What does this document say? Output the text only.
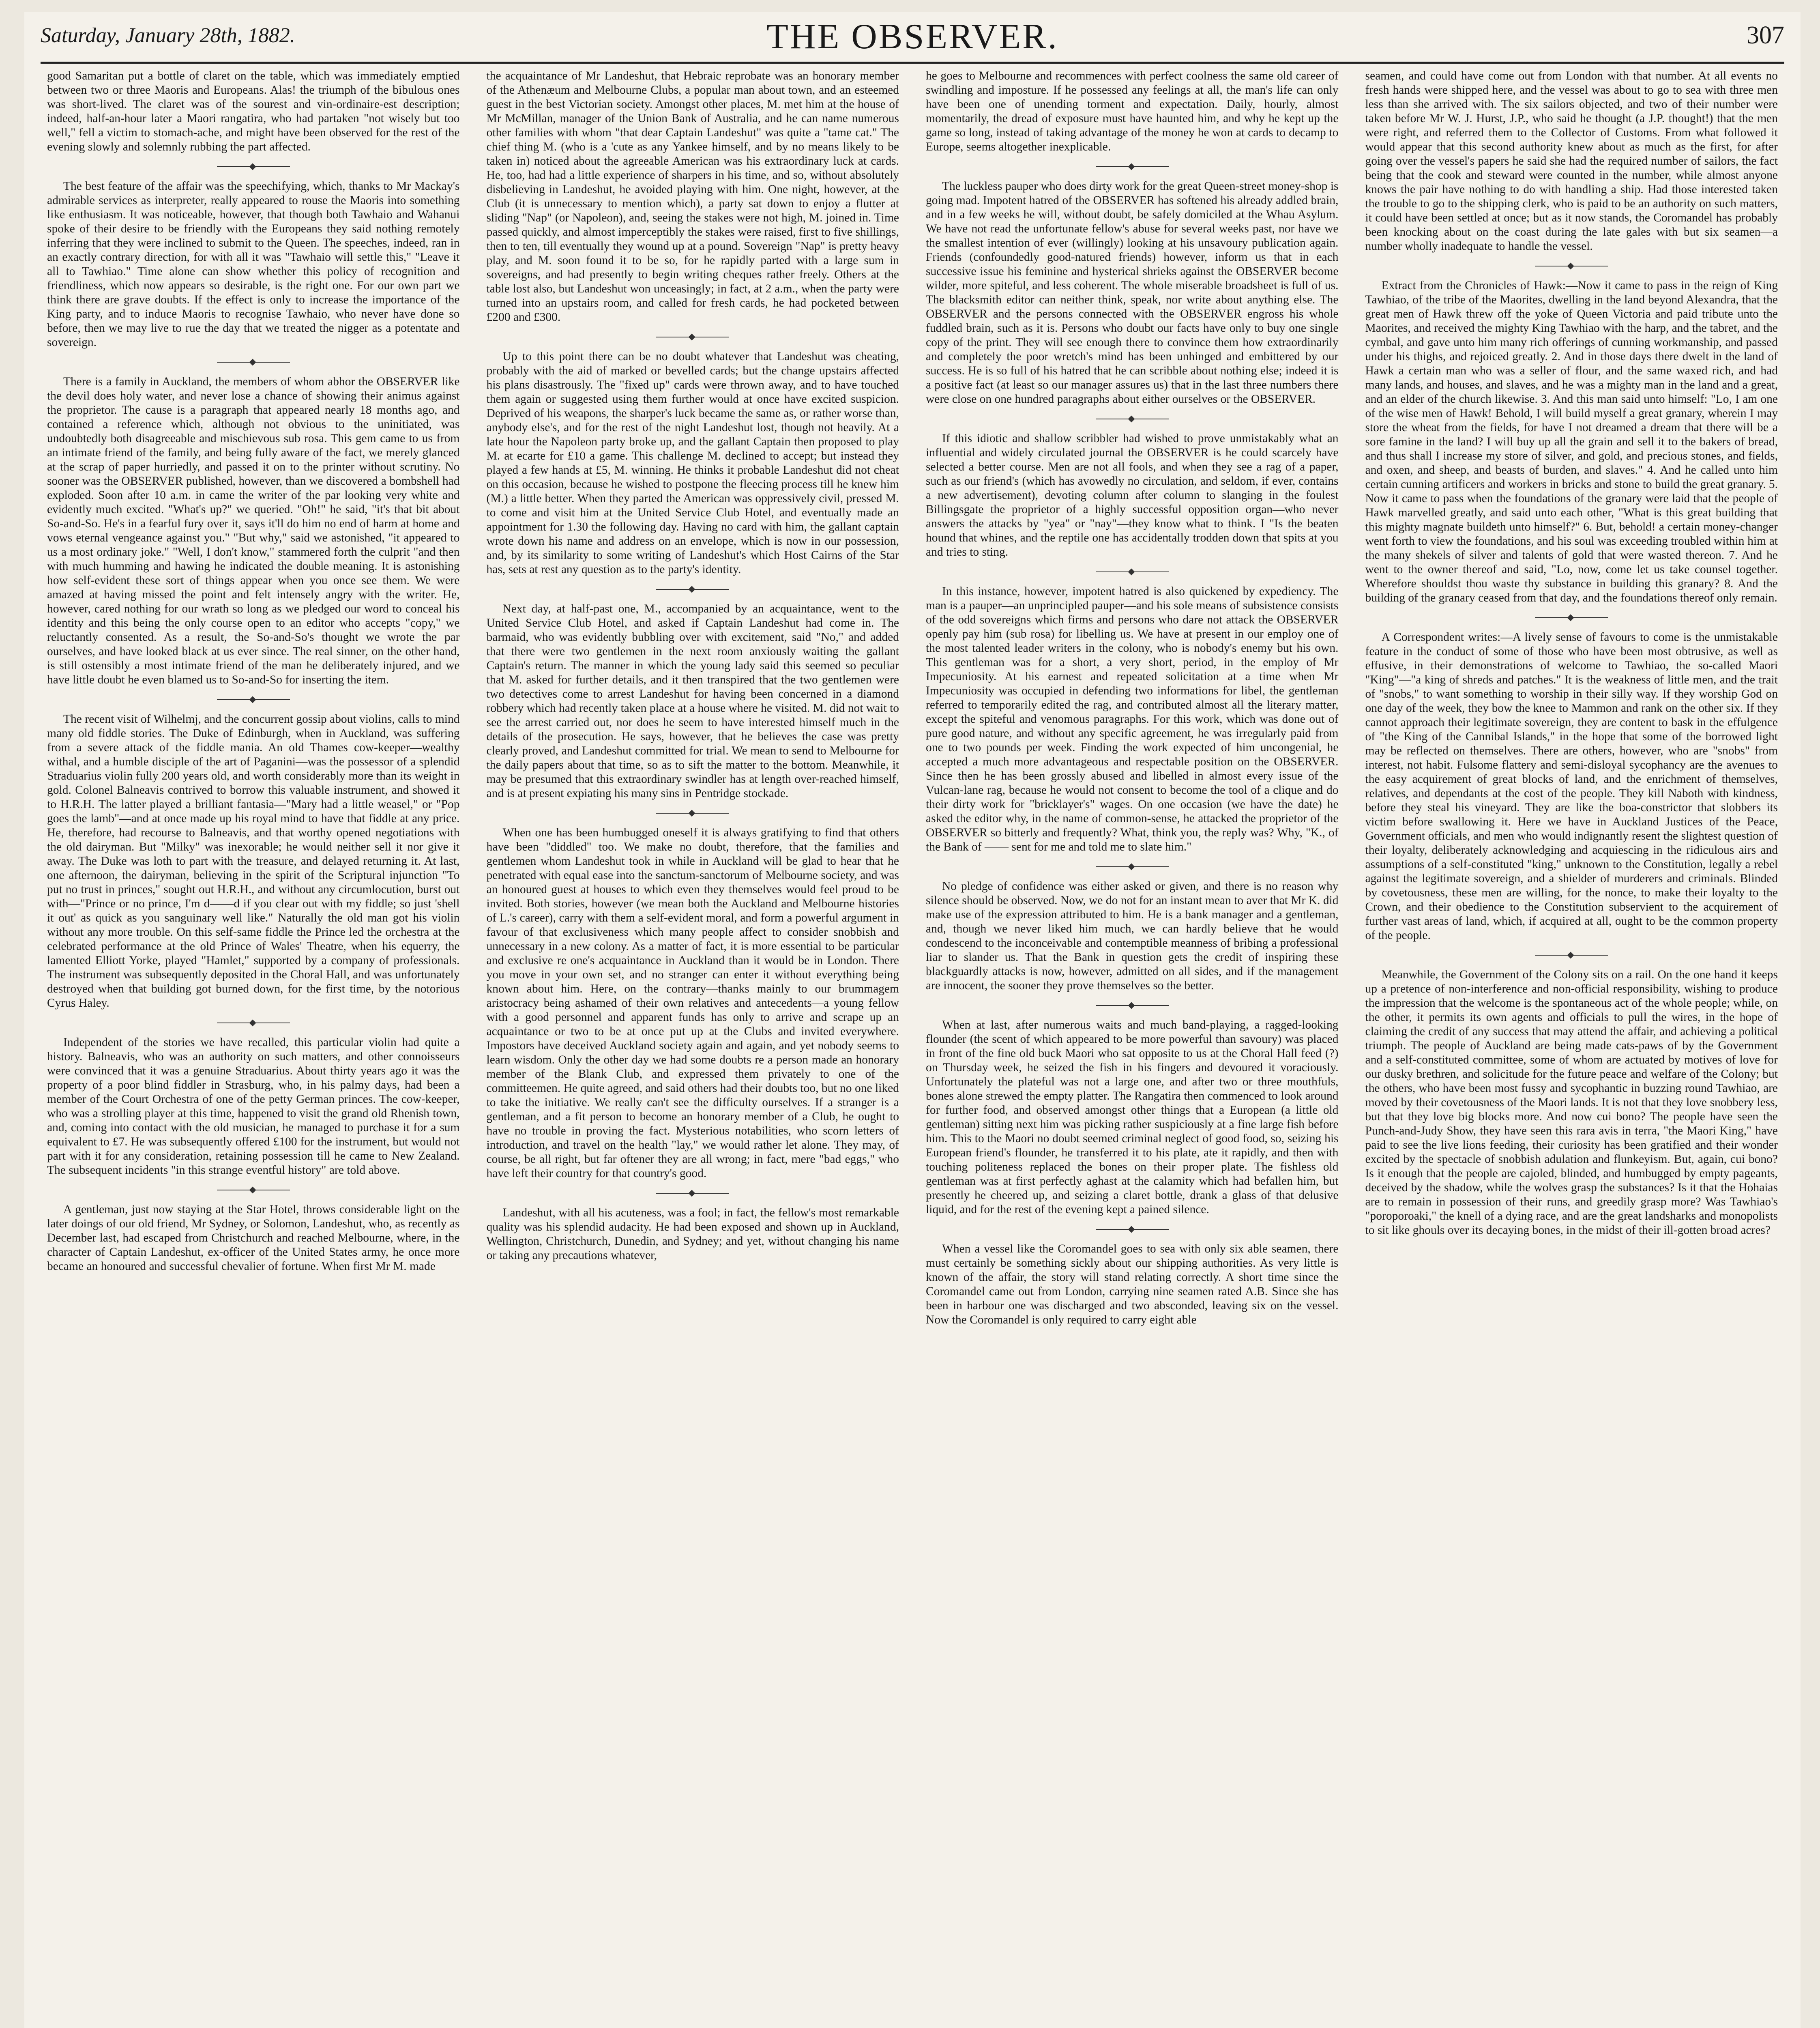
Saturday, January 28th, 1882.	THE OBSERVER.	307

good Samaritan put a bottle of claret on the table, which was immediately emptied between two or three Maoris and Europeans. Alas! the triumph of the bibulous ones was short-lived. The claret was of the sourest and vin-ordinaire-est description; indeed, half-an-hour later a Maori rangatira, who had partaken "not wisely but too well," fell a victim to stomach-ache, and might have been observed for the rest of the evening slowly and solemnly rubbing the part affected.

The best feature of the affair was the speechifying, which, thanks to Mr Mackay's admirable services as interpreter, really appeared to rouse the Maoris into something like enthusiasm. It was noticeable, however, that though both Tawhaio and Wahanui spoke of their desire to be friendly with the Europeans they said nothing remotely inferring that they were inclined to submit to the Queen. The speeches, indeed, ran in an exactly contrary direction, for with all it was "Tawhaio will settle this," "Leave it all to Tawhiao." Time alone can show whether this policy of recognition and friendliness, which now appears so desirable, is the right one. For our own part we think there are grave doubts. If the effect is only to increase the importance of the King party, and to induce Maoris to recognise Tawhaio, who never have done so before, then we may live to rue the day that we treated the nigger as a potentate and sovereign.

There is a family in Auckland, the members of whom abhor the OBSERVER like the devil does holy water, and never lose a chance of showing their animus against the proprietor. The cause is a paragraph that appeared nearly 18 months ago, and contained a reference which, although not obvious to the uninitiated, was undoubtedly both disagreeable and mischievous sub rosa. This gem came to us from an intimate friend of the family, and being fully aware of the fact, we merely glanced at the scrap of paper hurriedly, and passed it on to the printer without scrutiny. No sooner was the OBSERVER published, however, than we discovered a bombshell had exploded. Soon after 10 a.m. in came the writer of the par looking very white and evidently much excited. "What's up?" we queried. "Oh!" he said, "it's that bit about So-and-So. He's in a fearful fury over it, says it'll do him no end of harm at home and vows eternal vengeance against you." "But why," said we astonished, "it appeared to us a most ordinary joke." "Well, I don't know," stammered forth the culprit "and then with much humming and hawing he indicated the double meaning. It is astonishing how self-evident these sort of things appear when you once see them. We were amazed at having missed the point and felt intensely angry with the writer. He, however, cared nothing for our wrath so long as we pledged our word to conceal his identity and this being the only course open to an editor who accepts "copy," we reluctantly consented. As a result, the So-and-So's thought we wrote the par ourselves, and have looked black at us ever since. The real sinner, on the other hand, is still ostensibly a most intimate friend of the man he deliberately injured, and we have little doubt he even blamed us to So-and-So for inserting the item.

The recent visit of Wilhelmj, and the concurrent gossip about violins, calls to mind many old fiddle stories. The Duke of Edinburgh, when in Auckland, was suffering from a severe attack of the fiddle mania. An old Thames cow-keeper—wealthy withal, and a humble disciple of the art of Paganini—was the possessor of a splendid Straduarius violin fully 200 years old, and worth considerably more than its weight in gold. Colonel Balneavis contrived to borrow this valuable instrument, and showed it to H.R.H. The latter played a brilliant fantasia—"Mary had a little weasel," or "Pop goes the lamb"—and at once made up his royal mind to have that fiddle at any price. He, therefore, had recourse to Balneavis, and that worthy opened negotiations with the old dairyman. But "Milky" was inexorable; he would neither sell it nor give it away. The Duke was loth to part with the treasure, and delayed returning it. At last, one afternoon, the dairyman, believing in the spirit of the Scriptural injunction "To put no trust in princes," sought out H.R.H., and without any circumlocution, burst out with—"Prince or no prince, I'm d——d if you clear out with my fiddle; so just 'shell it out' as quick as you sanguinary well like." Naturally the old man got his violin without any more trouble. On this self-same fiddle the Prince led the orchestra at the celebrated performance at the old Prince of Wales' Theatre, when his equerry, the lamented Elliott Yorke, played "Hamlet," supported by a company of professionals. The instrument was subsequently deposited in the Choral Hall, and was unfortunately destroyed when that building got burned down, for the first time, by the notorious Cyrus Haley.

Independent of the stories we have recalled, this particular violin had quite a history. Balneavis, who was an authority on such matters, and other connoisseurs were convinced that it was a genuine Straduarius. About thirty years ago it was the property of a poor blind fiddler in Strasburg, who, in his palmy days, had been a member of the Court Orchestra of one of the petty German princes. The cow-keeper, who was a strolling player at this time, happened to visit the grand old Rhenish town, and, coming into contact with the old musician, he managed to purchase it for a sum equivalent to £7. He was subsequently offered £100 for the instrument, but would not part with it for any consideration, retaining possession till he came to New Zealand. The subsequent incidents "in this strange eventful history" are told above.

A gentleman, just now staying at the Star Hotel, throws considerable light on the later doings of our old friend, Mr Sydney, or Solomon, Landeshut, who, as recently as December last, had escaped from Christchurch and reached Melbourne, where, in the character of Captain Landeshut, ex-officer of the United States army, he once more became an honoured and successful chevalier of fortune. When first Mr M. made

the acquaintance of Mr Landeshut, that Hebraic reprobate was an honorary member of the Athenæum and Melbourne Clubs, a popular man about town, and an esteemed guest in the best Victorian society. Amongst other places, M. met him at the house of Mr McMillan, manager of the Union Bank of Australia, and he can name numerous other families with whom "that dear Captain Landeshut" was quite a "tame cat." The chief thing M. (who is a 'cute as any Yankee himself, and by no means likely to be taken in) noticed about the agreeable American was his extraordinary luck at cards. He, too, had had a little experience of sharpers in his time, and so, without absolutely disbelieving in Landeshut, he avoided playing with him. One night, however, at the Club (it is unnecessary to mention which), a party sat down to enjoy a flutter at sliding "Nap" (or Napoleon), and, seeing the stakes were not high, M. joined in. Time passed quickly, and almost imperceptibly the stakes were raised, first to five shillings, then to ten, till eventually they wound up at a pound. Sovereign "Nap" is pretty heavy play, and M. soon found it to be so, for he rapidly parted with a large sum in sovereigns, and had presently to begin writing cheques rather freely. Others at the table lost also, but Landeshut won unceasingly; in fact, at 2 a.m., when the party were turned into an upstairs room, and called for fresh cards, he had pocketed between £200 and £300.

Up to this point there can be no doubt whatever that Landeshut was cheating, probably with the aid of marked or bevelled cards; but the change upstairs affected his plans disastrously. The "fixed up" cards were thrown away, and to have touched them again or suggested using them further would at once have excited suspicion. Deprived of his weapons, the sharper's luck became the same as, or rather worse than, anybody else's, and for the rest of the night Landeshut lost, though not heavily. At a late hour the Napoleon party broke up, and the gallant Captain then proposed to play M. at ecarte for £10 a game. This challenge M. declined to accept; but instead they played a few hands at £5, M. winning. He thinks it probable Landeshut did not cheat on this occasion, because he wished to postpone the fleecing process till he knew him (M.) a little better. When they parted the American was oppressively civil, pressed M. to come and visit him at the United Service Club Hotel, and eventually made an appointment for 1.30 the following day. Having no card with him, the gallant captain wrote down his name and address on an envelope, which is now in our possession, and, by its similarity to some writing of Landeshut's which Host Cairns of the Star has, sets at rest any question as to the party's identity.

Next day, at half-past one, M., accompanied by an acquaintance, went to the United Service Club Hotel, and asked if Captain Landeshut had come in. The barmaid, who was evidently bubbling over with excitement, said "No," and added that there were two gentlemen in the next room anxiously waiting the gallant Captain's return. The manner in which the young lady said this seemed so peculiar that M. asked for further details, and it then transpired that the two gentlemen were two detectives come to arrest Landeshut for having been concerned in a diamond robbery which had recently taken place at a house where he visited. M. did not wait to see the arrest carried out, nor does he seem to have interested himself much in the details of the prosecution. He says, however, that he believes the case was pretty clearly proved, and Landeshut committed for trial. We mean to send to Melbourne for the daily papers about that time, so as to sift the matter to the bottom. Meanwhile, it may be presumed that this extraordinary swindler has at length over-reached himself, and is at present expiating his many sins in Pentridge stockade.

When one has been humbugged oneself it is always gratifying to find that others have been "diddled" too. We make no doubt, therefore, that the families and gentlemen whom Landeshut took in while in Auckland will be glad to hear that he penetrated with equal ease into the sanctum-sanctorum of Melbourne society, and was an honoured guest at houses to which even they themselves would feel proud to be invited. Both stories, however (we mean both the Auckland and Melbourne histories of L.'s career), carry with them a self-evident moral, and form a powerful argument in favour of that exclusiveness which many people affect to consider snobbish and unnecessary in a new colony. As a matter of fact, it is more essential to be particular and exclusive re one's acquaintance in Auckland than it would be in London. There you move in your own set, and no stranger can enter it without everything being known about him. Here, on the contrary—thanks mainly to our brummagem aristocracy being ashamed of their own relatives and antecedents—a young fellow with a good personnel and apparent funds has only to arrive and scrape up an acquaintance or two to be at once put up at the Clubs and invited everywhere. Impostors have deceived Auckland society again and again, and yet nobody seems to learn wisdom. Only the other day we had some doubts re a person made an honorary member of the Blank Club, and expressed them privately to one of the committeemen. He quite agreed, and said others had their doubts too, but no one liked to take the initiative. We really can't see the difficulty ourselves. If a stranger is a gentleman, and a fit person to become an honorary member of a Club, he ought to have no trouble in proving the fact. Mysterious notabilities, who scorn letters of introduction, and travel on the health "lay," we would rather let alone. They may, of course, be all right, but far oftener they are all wrong; in fact, mere "bad eggs," who have left their country for that country's good.

Landeshut, with all his acuteness, was a fool; in fact, the fellow's most remarkable quality was his splendid audacity. He had been exposed and shown up in Auckland, Wellington, Christchurch, Dunedin, and Sydney; and yet, without changing his name or taking any precautions whatever,

he goes to Melbourne and recommences with perfect coolness the same old career of swindling and imposture. If he possessed any feelings at all, the man's life can only have been one of unending torment and expectation. Daily, hourly, almost momentarily, the dread of exposure must have haunted him, and why he kept up the game so long, instead of taking advantage of the money he won at cards to decamp to Europe, seems altogether inexplicable.

The luckless pauper who does dirty work for the great Queen-street money-shop is going mad. Impotent hatred of the OBSERVER has softened his already addled brain, and in a few weeks he will, without doubt, be safely domiciled at the Whau Asylum. We have not read the unfortunate fellow's abuse for several weeks past, nor have we the smallest intention of ever (willingly) looking at his unsavoury publication again. Friends (confoundedly good-natured friends) however, inform us that in each successive issue his feminine and hysterical shrieks against the OBSERVER become wilder, more spiteful, and less coherent. The whole miserable broadsheet is full of us. The blacksmith editor can neither think, speak, nor write about anything else. The OBSERVER and the persons connected with the OBSERVER engross his whole fuddled brain, such as it is. Persons who doubt our facts have only to buy one single copy of the print. They will see enough there to convince them how extraordinarily and completely the poor wretch's mind has been unhinged and embittered by our success. He is so full of his hatred that he can scribble about nothing else; indeed it is a positive fact (at least so our manager assures us) that in the last three numbers there were close on one hundred paragraphs about either ourselves or the OBSERVER.

If this idiotic and shallow scribbler had wished to prove unmistakably what an influential and widely circulated journal the OBSERVER is he could scarcely have selected a better course. Men are not all fools, and when they see a rag of a paper, such as our friend's (which has avowedly no circulation, and seldom, if ever, contains a new advertisement), devoting column after column to slanging in the foulest Billingsgate the proprietor of a highly successful opposition organ—who never answers the attacks by "yea" or "nay"—they know what to think. I "Is the beaten hound that whines, and the reptile one has accidentally trodden down that spits at you and tries to sting.

In this instance, however, impotent hatred is also quickened by expediency. The man is a pauper—an unprincipled pauper—and his sole means of subsistence consists of the odd sovereigns which firms and persons who dare not attack the OBSERVER openly pay him (sub rosa) for libelling us. We have at present in our employ one of the most talented leader writers in the colony, who is nobody's enemy but his own. This gentleman was for a short, a very short, period, in the employ of Mr Impecuniosity. At his earnest and repeated solicitation at a time when Mr Impecuniosity was occupied in defending two informations for libel, the gentleman referred to temporarily edited the rag, and contributed almost all the literary matter, except the spiteful and venomous paragraphs. For this work, which was done out of pure good nature, and without any specific agreement, he was irregularly paid from one to two pounds per week. Finding the work expected of him uncongenial, he accepted a much more advantageous and respectable position on the OBSERVER. Since then he has been grossly abused and libelled in almost every issue of the Vulcan-lane rag, because he would not consent to become the tool of a clique and do their dirty work for "bricklayer's" wages. On one occasion (we have the date) he asked the editor why, in the name of common-sense, he attacked the proprietor of the OBSERVER so bitterly and frequently? What, think you, the reply was? Why, "K., of the Bank of —— sent for me and told me to slate him."

No pledge of confidence was either asked or given, and there is no reason why silence should be observed. Now, we do not for an instant mean to aver that Mr K. did make use of the expression attributed to him. He is a bank manager and a gentleman, and, though we never liked him much, we can hardly believe that he would condescend to the inconceivable and contemptible meanness of bribing a professional liar to slander us. That the Bank in question gets the credit of inspiring these blackguardly attacks is now, however, admitted on all sides, and if the management are innocent, the sooner they prove themselves so the better.

When at last, after numerous waits and much band-playing, a ragged-looking flounder (the scent of which appeared to be more powerful than savoury) was placed in front of the fine old buck Maori who sat opposite to us at the Choral Hall feed (?) on Thursday week, he seized the fish in his fingers and devoured it voraciously. Unfortunately the plateful was not a large one, and after two or three mouthfuls, bones alone strewed the empty platter. The Rangatira then commenced to look around for further food, and observed amongst other things that a European (a little old gentleman) sitting next him was picking rather suspiciously at a fine large fish before him. This to the Maori no doubt seemed criminal neglect of good food, so, seizing his European friend's flounder, he transferred it to his plate, ate it rapidly, and then with touching politeness replaced the bones on their proper plate. The fishless old gentleman was at first perfectly aghast at the calamity which had befallen him, but presently he cheered up, and seizing a claret bottle, drank a glass of that delusive liquid, and for the rest of the evening kept a pained silence.

When a vessel like the Coromandel goes to sea with only six able seamen, there must certainly be something sickly about our shipping authorities. As very little is known of the affair, the story will stand relating correctly. A short time since the Coromandel came out from London, carrying nine seamen rated A.B. Since she has been in harbour one was discharged and two absconded, leaving six on the vessel. Now the Coromandel is only required to carry eight able

seamen, and could have come out from London with that number. At all events no fresh hands were shipped here, and the vessel was about to go to sea with three men less than she arrived with. The six sailors objected, and two of their number were taken before Mr W. J. Hurst, J.P., who said he thought (a J.P. thought!) that the men were right, and referred them to the Collector of Customs. From what followed it would appear that this second authority knew about as much as the first, for after going over the vessel's papers he said she had the required number of sailors, the fact being that the cook and steward were counted in the number, while almost anyone knows the pair have nothing to do with handling a ship. Had those interested taken the trouble to go to the shipping clerk, who is paid to be an authority on such matters, it could have been settled at once; but as it now stands, the Coromandel has probably been knocking about on the coast during the late gales with but six seamen—a number wholly inadequate to handle the vessel.

Extract from the Chronicles of Hawk:—Now it came to pass in the reign of King Tawhiao, of the tribe of the Maorites, dwelling in the land beyond Alexandra, that the great men of Hawk threw off the yoke of Queen Victoria and paid tribute unto the Maorites, and received the mighty King Tawhiao with the harp, and the tabret, and the cymbal, and gave unto him many rich offerings of cunning workmanship, and passed under his thighs, and rejoiced greatly. 2. And in those days there dwelt in the land of Hawk a certain man who was a seller of flour, and the same waxed rich, and had many lands, and houses, and slaves, and he was a mighty man in the land and a great, and an elder of the church likewise. 3. And this man said unto himself: "Lo, I am one of the wise men of Hawk! Behold, I will build myself a great granary, wherein I may store the wheat from the fields, for have I not dreamed a dream that there will be a sore famine in the land? I will buy up all the grain and sell it to the bakers of bread, and thus shall I increase my store of silver, and gold, and precious stones, and fields, and oxen, and sheep, and beasts of burden, and slaves." 4. And he called unto him certain cunning artificers and workers in bricks and stone to build the great granary. 5. Now it came to pass when the foundations of the granary were laid that the people of Hawk marvelled greatly, and said unto each other, "What is this great building that this mighty magnate buildeth unto himself?" 6. But, behold! a certain money-changer went forth to view the foundations, and his soul was exceeding troubled within him at the many shekels of silver and talents of gold that were wasted thereon. 7. And he went to the owner thereof and said, "Lo, now, come let us take counsel together. Wherefore shouldst thou waste thy substance in building this granary? 8. And the building of the granary ceased from that day, and the foundations thereof only remain.

A Correspondent writes:—A lively sense of favours to come is the unmistakable feature in the conduct of some of those who have been most obtrusive, as well as effusive, in their demonstrations of welcome to Tawhiao, the so-called Maori "King"—"a king of shreds and patches." It is the weakness of little men, and the trait of "snobs," to want something to worship in their silly way. If they worship God on one day of the week, they bow the knee to Mammon and rank on the other six. If they cannot approach their legitimate sovereign, they are content to bask in the effulgence of "the King of the Cannibal Islands," in the hope that some of the borrowed light may be reflected on themselves. There are others, however, who are "snobs" from interest, not habit. Fulsome flattery and semi-disloyal sycophancy are the avenues to the easy acquirement of great blocks of land, and the enrichment of themselves, relatives, and dependants at the cost of the people. They kill Naboth with kindness, before they steal his vineyard. They are like the boa-constrictor that slobbers its victim before swallowing it. Here we have in Auckland Justices of the Peace, Government officials, and men who would indignantly resent the slightest question of their loyalty, deliberately acknowledging and acquiescing in the ridiculous airs and assumptions of a self-constituted "king," unknown to the Constitution, legally a rebel against the legitimate sovereign, and a shielder of murderers and criminals. Blinded by covetousness, these men are willing, for the nonce, to make their loyalty to the Crown, and their obedience to the Constitution subservient to the acquirement of further vast areas of land, which, if acquired at all, ought to be the common property of the people.

Meanwhile, the Government of the Colony sits on a rail. On the one hand it keeps up a pretence of non-interference and non-official responsibility, wishing to produce the impression that the welcome is the spontaneous act of the whole people; while, on the other, it permits its own agents and officials to pull the wires, in the hope of claiming the credit of any success that may attend the affair, and achieving a political triumph. The people of Auckland are being made cats-paws of by the Government and a self-constituted committee, some of whom are actuated by motives of love for our dusky brethren, and solicitude for the future peace and welfare of the Colony; but the others, who have been most fussy and sycophantic in buzzing round Tawhiao, are moved by their covetousness of the Maori lands. It is not that they love snobbery less, but that they love big blocks more. And now cui bono? The people have seen the Punch-and-Judy Show, they have seen this rara avis in terra, "the Maori King," have paid to see the live lions feeding, their curiosity has been gratified and their wonder excited by the spectacle of snobbish adulation and flunkeyism. But, again, cui bono? Is it enough that the people are cajoled, blinded, and humbugged by empty pageants, deceived by the shadow, while the wolves grasp the substances? Is it that the Hohaias are to remain in possession of their runs, and greedily grasp more? Was Tawhiao's "poroporoaki," the knell of a dying race, and are the great landsharks and monopolists to sit like ghouls over its decaying bones, in the midst of their ill-gotten broad acres?
